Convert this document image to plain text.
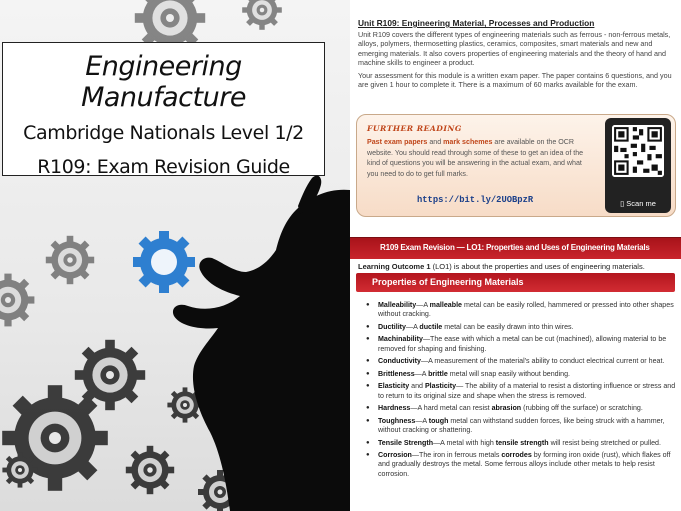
Engineering Manufacture
Cambridge Nationals Level 1/2
R109: Exam Revision Guide
Unit R109: Engineering Material, Processes and Production
Unit R109 covers the different types of engineering materials such as ferrous - non-ferrous metals, alloys, polymers, thermosetting plastics, ceramics, composites, smart materials and new and emerging materials. It also covers properties of engineering materials and the theory of hand and machine skills to engineer a product.
Your assessment for this module is a written exam paper. The paper contains 6 questions, and you are given 1 hour to complete it. There is a maximum of 60 marks available for the exam.
FURTHER READING
Past exam papers and mark schemes are available on the OCR website. You should read through some of these to get an idea of the kind of questions you will be answering in the actual exam, and what you need to do to get full marks.
https://bit.ly/2UOBpzR	▯ Scan me
R109 Exam Revision — LO1: Properties and Uses of Engineering Materials
Learning Outcome 1 (LO1) is about the properties and uses of engineering materials.
Properties of Engineering Materials
● Malleability—A malleable metal can be easily rolled, hammered or pressed into other shapes without cracking.
● Ductility—A ductile metal can be easily drawn into thin wires.
● Machinability—The ease with which a metal can be cut (machined), allowing material to be removed for shaping and finishing.
● Conductivity—A measurement of the material's ability to conduct electrical current or heat.
● Brittleness—A brittle metal will snap easily without bending.
● Elasticity and Plasticity— The ability of a material to resist a distorting influence or stress and to return to its original size and shape when the stress is removed.
● Hardness—A hard metal can resist abrasion (rubbing off the surface) or scratching.
● Toughness—A tough metal can withstand sudden forces, like being struck with a hammer, without cracking or shattering.
● Tensile Strength—A metal with high tensile strength will resist being stretched or pulled.
● Corrosion—The iron in ferrous metals corrodes by forming iron oxide (rust), which flakes off and gradually destroys the metal. Some ferrous alloys include other metals to help resist corrosion.
